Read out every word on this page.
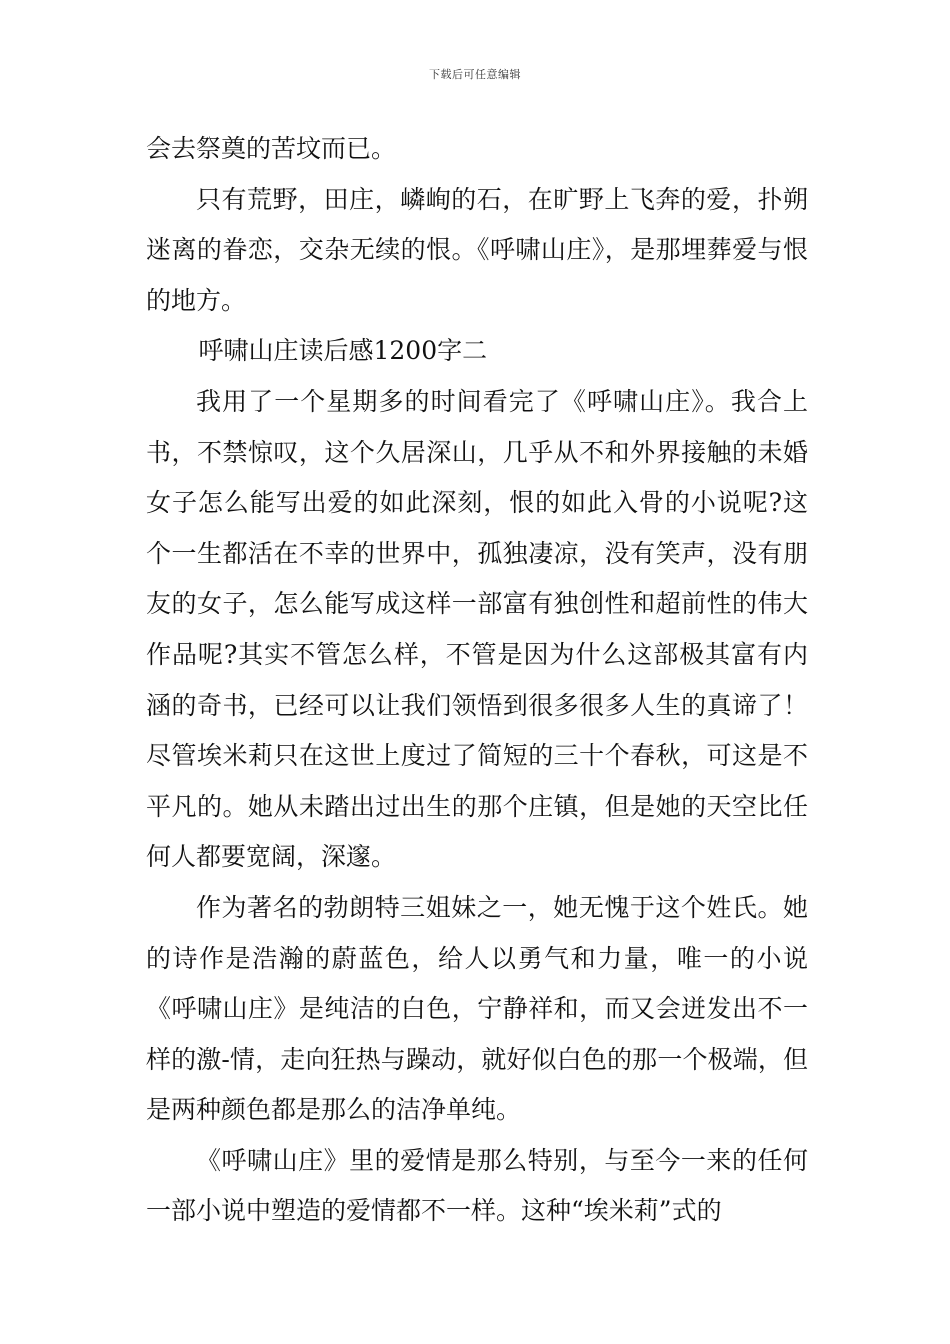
下载后可任意编辑

会去祭奠的苦坟而已。

只有荒野，田庄，嶙峋的石，在旷野上飞奔的爱，扑朔迷离的眷恋，交杂无续的恨。《呼啸山庄》，是那埋葬爱与恨的地方。

呼啸山庄读后感1200字二

我用了一个星期多的时间看完了《呼啸山庄》。我合上书，不禁惊叹，这个久居深山，几乎从不和外界接触的未婚女子怎么能写出爱的如此深刻，恨的如此入骨的小说呢?这个一生都活在不幸的世界中，孤独凄凉，没有笑声，没有朋友的女子，怎么能写成这样一部富有独创性和超前性的伟大作品呢?其实不管怎么样，不管是因为什么这部极其富有内涵的奇书，已经可以让我们领悟到很多很多人生的真谛了！尽管埃米莉只在这世上度过了简短的三十个春秋，可这是不平凡的。她从未踏出过出生的那个庄镇，但是她的天空比任何人都要宽阔，深邃。

作为著名的勃朗特三姐妹之一，她无愧于这个姓氏。她的诗作是浩瀚的蔚蓝色，给人以勇气和力量，唯一的小说《呼啸山庄》是纯洁的白色，宁静祥和，而又会迸发出不一样的激-情，走向狂热与躁动，就好似白色的那一个极端，但是两种颜色都是那么的洁净单纯。

《呼啸山庄》里的爱情是那么特别，与至今一来的任何一部小说中塑造的爱情都不一样。这种“埃米莉”式的
